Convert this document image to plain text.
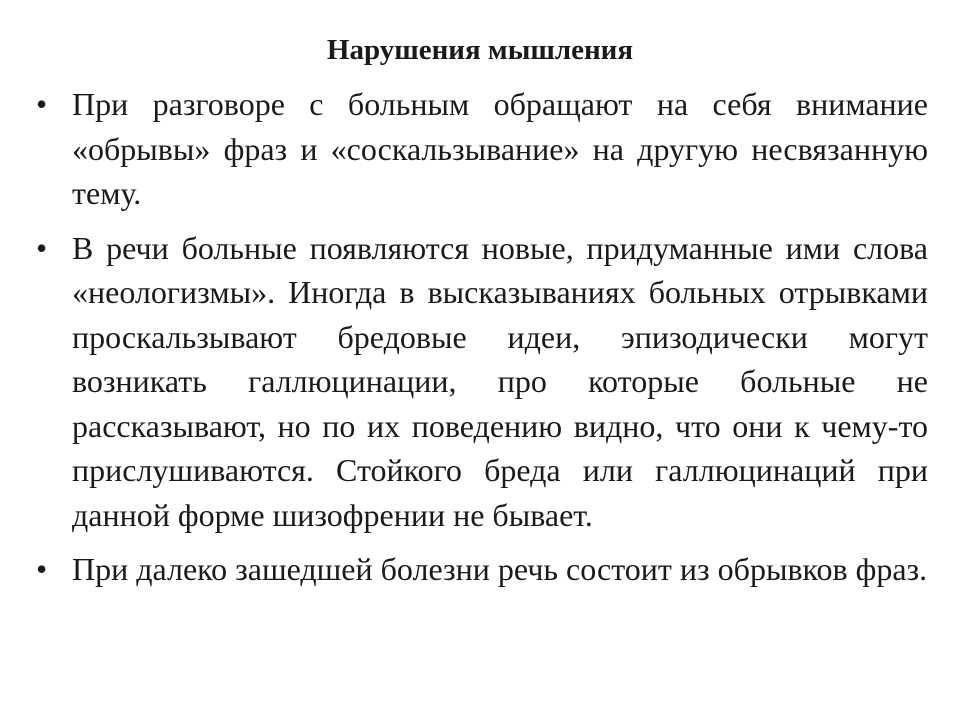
Нарушения мышления
• При разговоре с больным обращают на себя внимание «обрывы» фраз и «соскальзывание» на другую несвязанную тему.

• В речи больные появляются новые, придуманные ими слова «неологизмы». Иногда в высказываниях больных отрывками проскальзывают бредовые идеи, эпизодически могут возникать галлюцинации, про которые больные не рассказывают, но по их поведению видно, что они к чему-то прислушиваются. Стойкого бреда или галлюцинаций при данной форме шизофрении не бывает.

• При далеко зашедшей болезни речь состоит из обрывков фраз.
